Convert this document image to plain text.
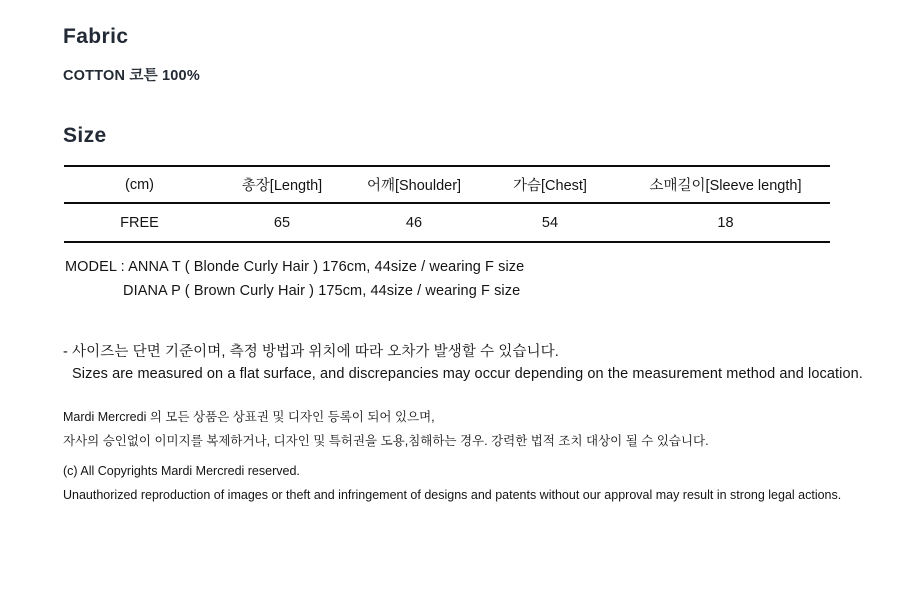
Fabric

COTTON 코튼 100%

Size
(cm)	총장[Length]	어깨[Shoulder]	가슴[Chest]	소매길이[Sleeve length]
FREE	65	46	54	18
MODEL : ANNA T ( Blonde Curly Hair ) 176cm, 44size / wearing F size
DIANA P ( Brown Curly Hair ) 175cm, 44size / wearing F size
- 사이즈는 단면 기준이며, 측정 방법과 위치에 따라 오차가 발생할 수 있습니다.
Sizes are measured on a flat surface, and discrepancies may occur depending on the measurement method and location.
Mardi Mercredi 의 모든 상품은 상표권 및 디자인 등록이 되어 있으며,
자사의 승인없이 이미지를 복제하거나, 디자인 및 특허권을 도용,침해하는 경우. 강력한 법적 조치 대상이 될 수 있습니다.
(c) All Copyrights Mardi Mercredi reserved.
Unauthorized reproduction of images or theft and infringement of designs and patents without our approval may result in strong legal actions.
